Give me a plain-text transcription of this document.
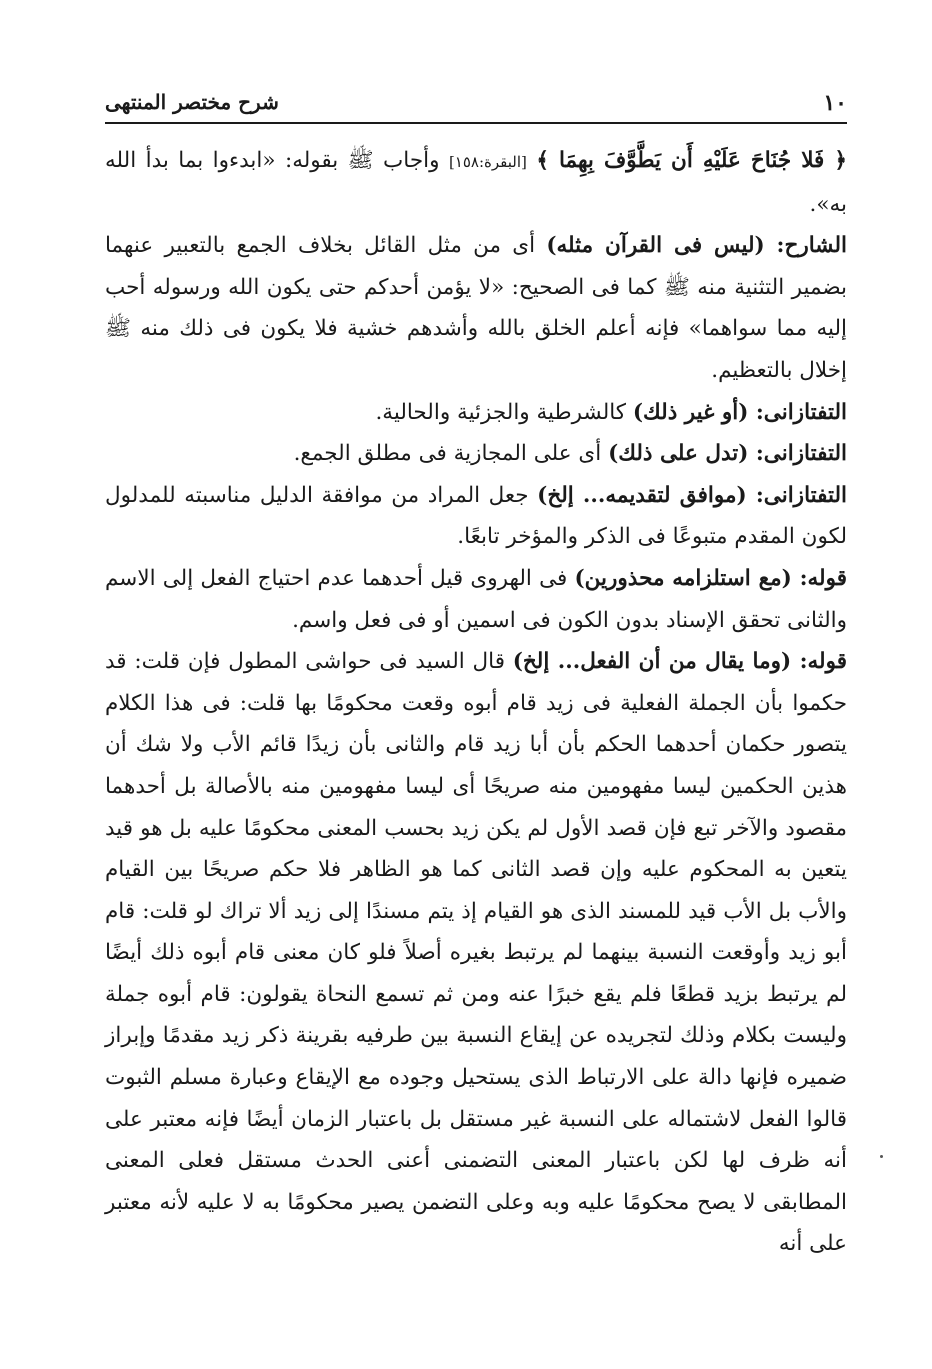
١٠
شرح مختصر المنتهى

﴿ فَلا جُنَاحَ عَلَيْهِ أَن يَطَّوَّفَ بِهِمَا ﴾ [البقرة:١٥٨] وأجاب ﷺ بقوله: «ابدءوا بما بدأ الله به».

الشارح: (ليس فى القرآن مثله) أى من مثل القائل بخلاف الجمع بالتعبير عنهما بضمير التثنية منه ﷺ كما فى الصحيح: «لا يؤمن أحدكم حتى يكون الله ورسوله أحب إليه مما سواهما» فإنه أعلم الخلق بالله وأشدهم خشية فلا يكون فى ذلك منه ﷺ إخلال بالتعظيم.

التفتازانى: (أو غير ذلك) كالشرطية والجزئية والحالية.

التفتازانى: (تدل على ذلك) أى على المجازية فى مطلق الجمع.

التفتازانى: (موافق لتقديمه... إلخ) جعل المراد من موافقة الدليل مناسبته للمدلول لكون المقدم متبوعًا فى الذكر والمؤخر تابعًا.

قوله: (مع استلزامه محذورين) فى الهروى قيل أحدهما عدم احتياج الفعل إلى الاسم والثانى تحقق الإسناد بدون الكون فى اسمين أو فى فعل واسم.

قوله: (وما يقال من أن الفعل... إلخ) قال السيد فى حواشى المطول فإن قلت: قد حكموا بأن الجملة الفعلية فى زيد قام أبوه وقعت محكومًا بها قلت: فى هذا الكلام يتصور حكمان أحدهما الحكم بأن أبا زيد قام والثانى بأن زيدًا قائم الأب ولا شك أن هذين الحكمين ليسا مفهومين منه صريحًا أى ليسا مفهومين منه بالأصالة بل أحدهما مقصود والآخر تبع فإن قصد الأول لم يكن زيد بحسب المعنى محكومًا عليه بل هو قيد يتعين به المحكوم عليه وإن قصد الثانى كما هو الظاهر فلا حكم صريحًا بين القيام والأب بل الأب قيد للمسند الذى هو القيام إذ يتم مسندًا إلى زيد ألا تراك لو قلت: قام أبو زيد وأوقعت النسبة بينهما لم يرتبط بغيره أصلاً فلو كان معنى قام أبوه ذلك أيضًا لم يرتبط بزيد قطعًا فلم يقع خبرًا عنه ومن ثم تسمع النحاة يقولون: قام أبوه جملة وليست بكلام وذلك لتجريده عن إيقاع النسبة بين طرفيه بقرينة ذكر زيد مقدمًا وإبراز ضميره فإنها دالة على الارتباط الذى يستحيل وجوده مع الإيقاع وعبارة مسلم الثبوت قالوا الفعل لاشتماله على النسبة غير مستقل بل باعتبار الزمان أيضًا فإنه معتبر على أنه ظرف لها لكن باعتبار المعنى التضمنى أعنى الحدث مستقل فعلى المعنى المطابقى لا يصح محكومًا عليه وبه وعلى التضمن يصير محكومًا به لا عليه لأنه معتبر على أنه
